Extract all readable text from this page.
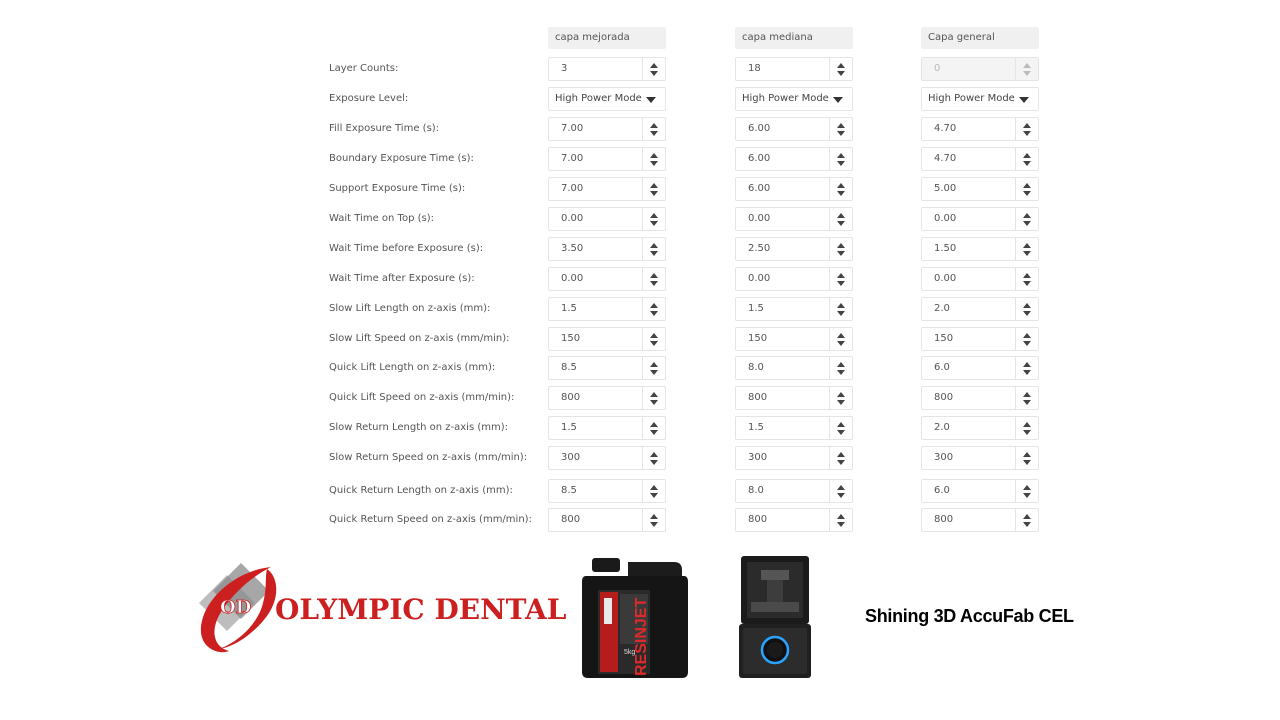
capa mejorada	capa mediana	Capa general
Layer Counts:	3	18	0
Exposure Level:	High Power Mode	High Power Mode	High Power Mode
Fill Exposure Time (s):	7.00	6.00	4.70
Boundary Exposure Time (s):	7.00	6.00	4.70
Support Exposure Time (s):	7.00	6.00	5.00
Wait Time on Top (s):	0.00	0.00	0.00
Wait Time before Exposure (s):	3.50	2.50	1.50
Wait Time after Exposure (s):	0.00	0.00	0.00
Slow Lift Length on z-axis (mm):	1.5	1.5	2.0
Slow Lift Speed on z-axis (mm/min):	150	150	150
Quick Lift Length on z-axis (mm):	8.5	8.0	6.0
Quick Lift Speed on z-axis (mm/min):	800	800	800
Slow Return Length on z-axis (mm):	1.5	1.5	2.0
Slow Return Speed on z-axis (mm/min):	300	300	300
Quick Return Length on z-axis (mm):	8.5	8.0	6.0
Quick Return Speed on z-axis (mm/min):	800	800	800
OD OLYMPIC DENTAL	RESINJET
5kg
Shining 3D AccuFab CEL
